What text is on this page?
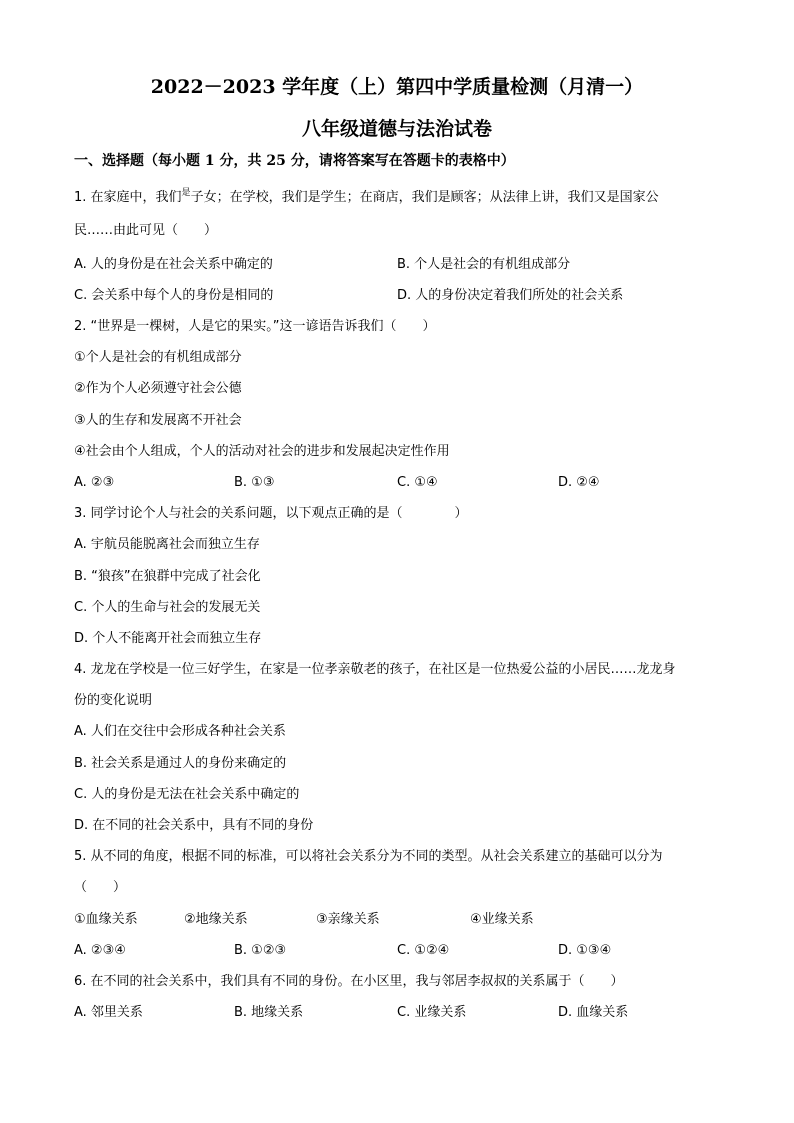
2022－2023 学年度（上）第四中学质量检测（月清一）
八年级道德与法治试卷
一、选择题（每小题 1 分，共 25 分，请将答案写在答题卡的表格中）
1. 在家庭中，我们$^是$子女；在学校，我们是学生；在商店，我们是顾客；从法律上讲，我们又是国家公
民……由此可见（　　）
A. 人的身份是在社会关系中确定的	B. 个人是社会的有机组成部分
C. 会关系中每个人的身份是相同的	D. 人的身份决定着我们所处的社会关系
2. “世界是一棵树，人是它的果实。”这一谚语告诉我们（　　）
①个人是社会的有机组成部分
②作为个人必须遵守社会公德
③人的生存和发展离不开社会
④社会由个人组成，个人的活动对社会的进步和发展起决定性作用
A. ②③	B. ①③	C. ①④	D. ②④
3. 同学讨论个人与社会的关系问题，以下观点正确的是（　　　　）
A. 宇航员能脱离社会而独立生存
B. “狼孩”在狼群中完成了社会化
C. 个人的生命与社会的发展无关
D. 个人不能离开社会而独立生存
4. 龙龙在学校是一位三好学生，在家是一位孝亲敬老的孩子，在社区是一位热爱公益的小居民……龙龙身
份的变化说明
A. 人们在交往中会形成各种社会关系
B. 社会关系是通过人的身份来确定的
C. 人的身份是无法在社会关系中确定的
D. 在不同的社会关系中，具有不同的身份
5. 从不同的角度，根据不同的标准，可以将社会关系分为不同的类型。从社会关系建立的基础可以分为
（　　）
①血缘关系	②地缘关系	③亲缘关系	④业缘关系
A. ②③④	B. ①②③	C. ①②④	D. ①③④
6. 在不同的社会关系中，我们具有不同的身份。在小区里，我与邻居李叔叔的关系属于（　　）
A. 邻里关系	B. 地缘关系	C. 业缘关系	D. 血缘关系
